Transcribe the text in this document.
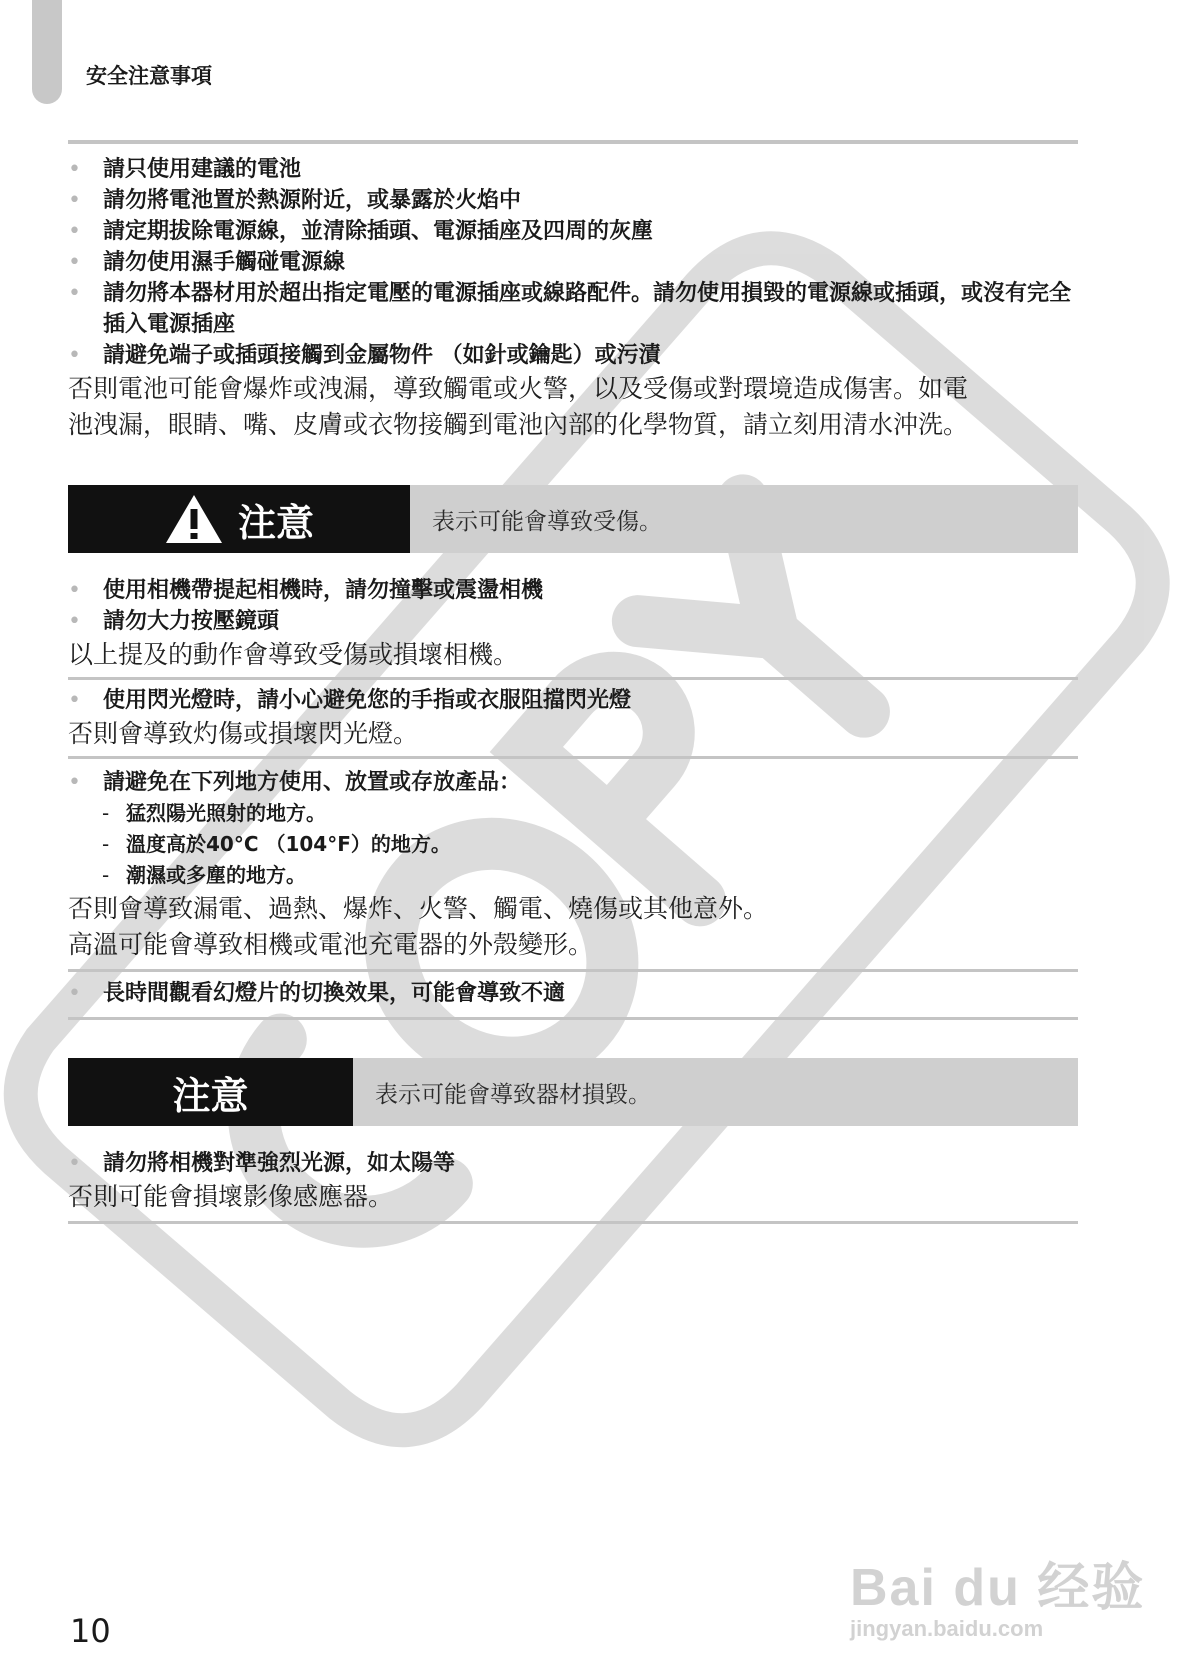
安全注意事項
• 請只使用建議的電池
• 請勿將電池置於熱源附近，或暴露於火焰中
• 請定期拔除電源線，並清除插頭、電源插座及四周的灰塵
• 請勿使用濕手觸碰電源線
• 請勿將本器材用於超出指定電壓的電源插座或線路配件。請勿使用損毀的電源線或插頭，或沒有完全插入電源插座
• 請避免端子或插頭接觸到金屬物件 （如針或鑰匙）或污漬
否則電池可能會爆炸或洩漏，導致觸電或火警，以及受傷或對環境造成傷害。如電
池洩漏，眼睛、嘴、皮膚或衣物接觸到電池內部的化學物質，請立刻用清水沖洗。
注意	表示可能會導致受傷。
• 使用相機帶提起相機時，請勿撞擊或震盪相機
• 請勿大力按壓鏡頭
以上提及的動作會導致受傷或損壞相機。
• 使用閃光燈時，請小心避免您的手指或衣服阻擋閃光燈
否則會導致灼傷或損壞閃光燈。
• 請避免在下列地方使用、放置或存放產品：
- 猛烈陽光照射的地方。
- 溫度高於40°C （104°F）的地方。
- 潮濕或多塵的地方。
否則會導致漏電、過熱、爆炸、火警、觸電、燒傷或其他意外。
高溫可能會導致相機或電池充電器的外殼變形。
• 長時間觀看幻燈片的切換效果，可能會導致不適
注意	表示可能會導致器材損毀。
• 請勿將相機對準強烈光源，如太陽等
否則可能會損壞影像感應器。
10
Bai du 经验
jingyan.baidu.com
